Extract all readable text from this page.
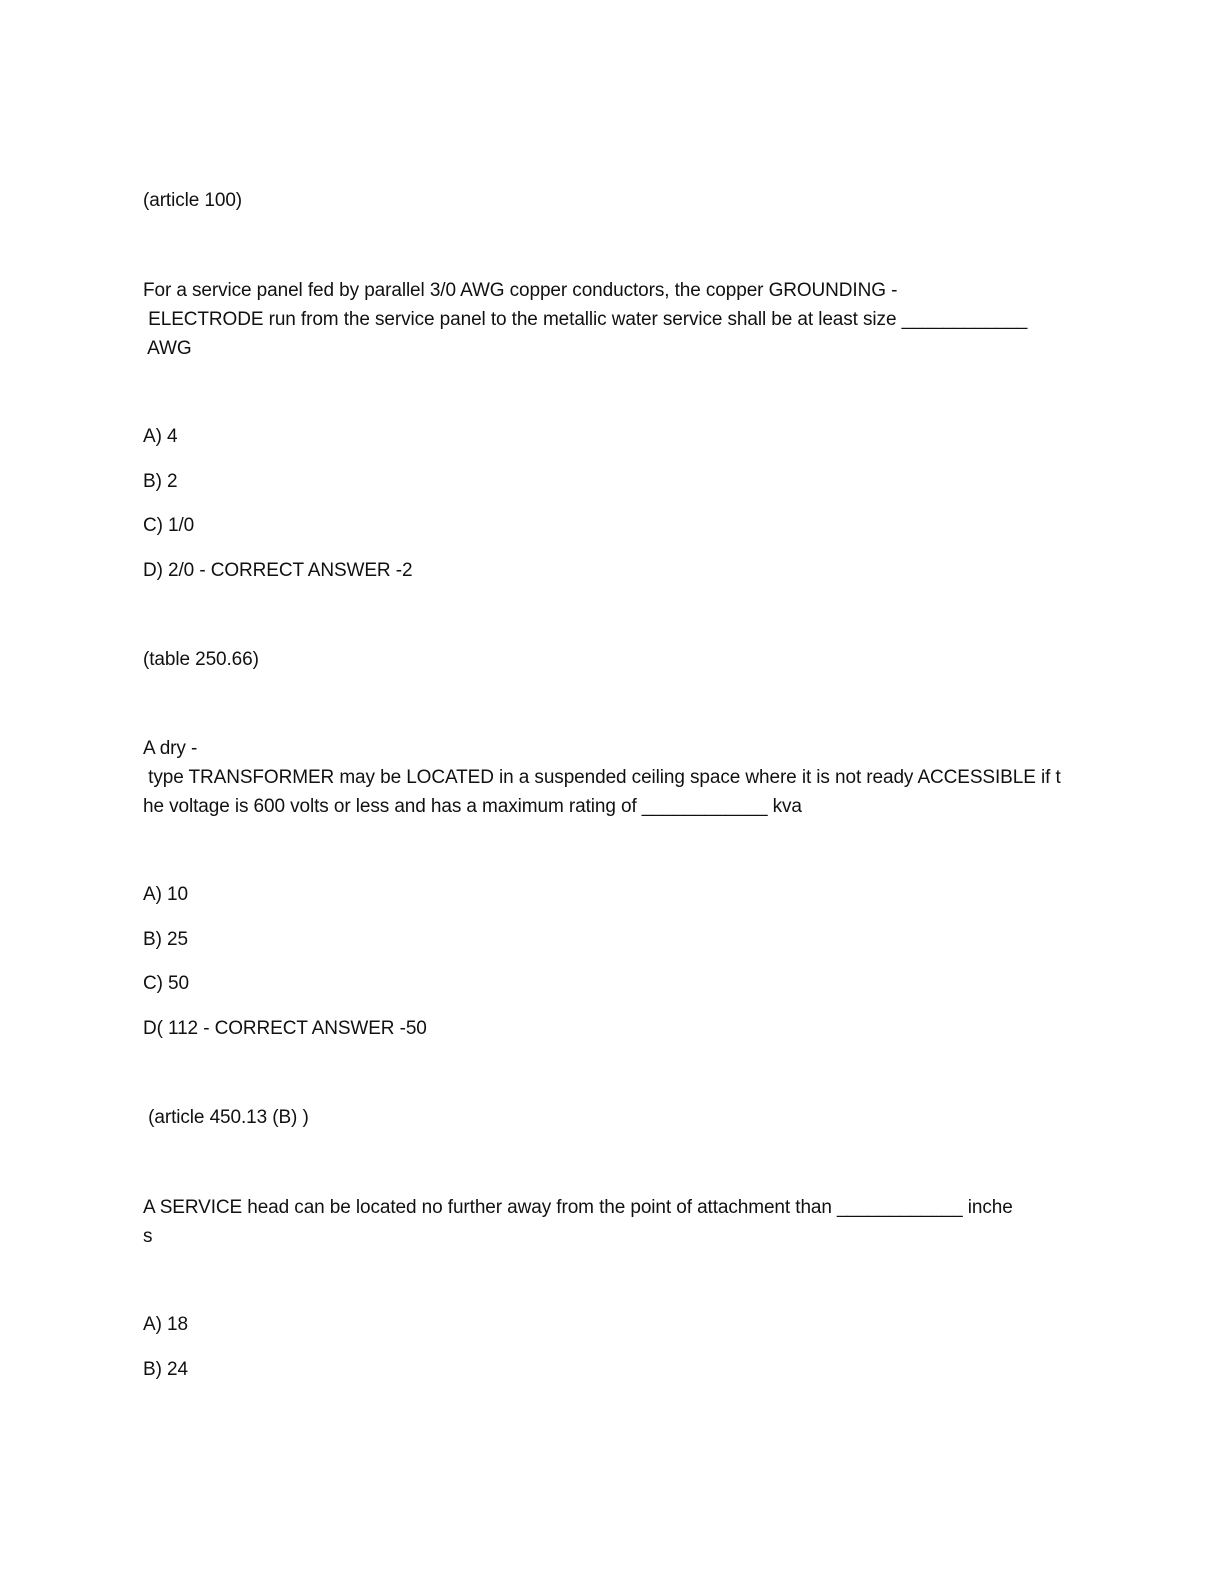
(article 100)
For a service panel fed by parallel 3/0 AWG copper conductors, the copper GROUNDING -
ELECTRODE run from the service panel to the metallic water service shall be at least size ____________
AWG
A) 4
B) 2
C) 1/0
D) 2/0 - CORRECT ANSWER -2
(table 250.66)
A dry -
type TRANSFORMER may be LOCATED in a suspended ceiling space where it is not ready ACCESSIBLE if t
he voltage is 600 volts or less and has a maximum rating of ____________ kva
A) 10
B) 25
C) 50
D( 112 - CORRECT ANSWER -50
(article 450.13 (B) )
A SERVICE head can be located no further away from the point of attachment than ____________ inche
s
A) 18
B) 24
